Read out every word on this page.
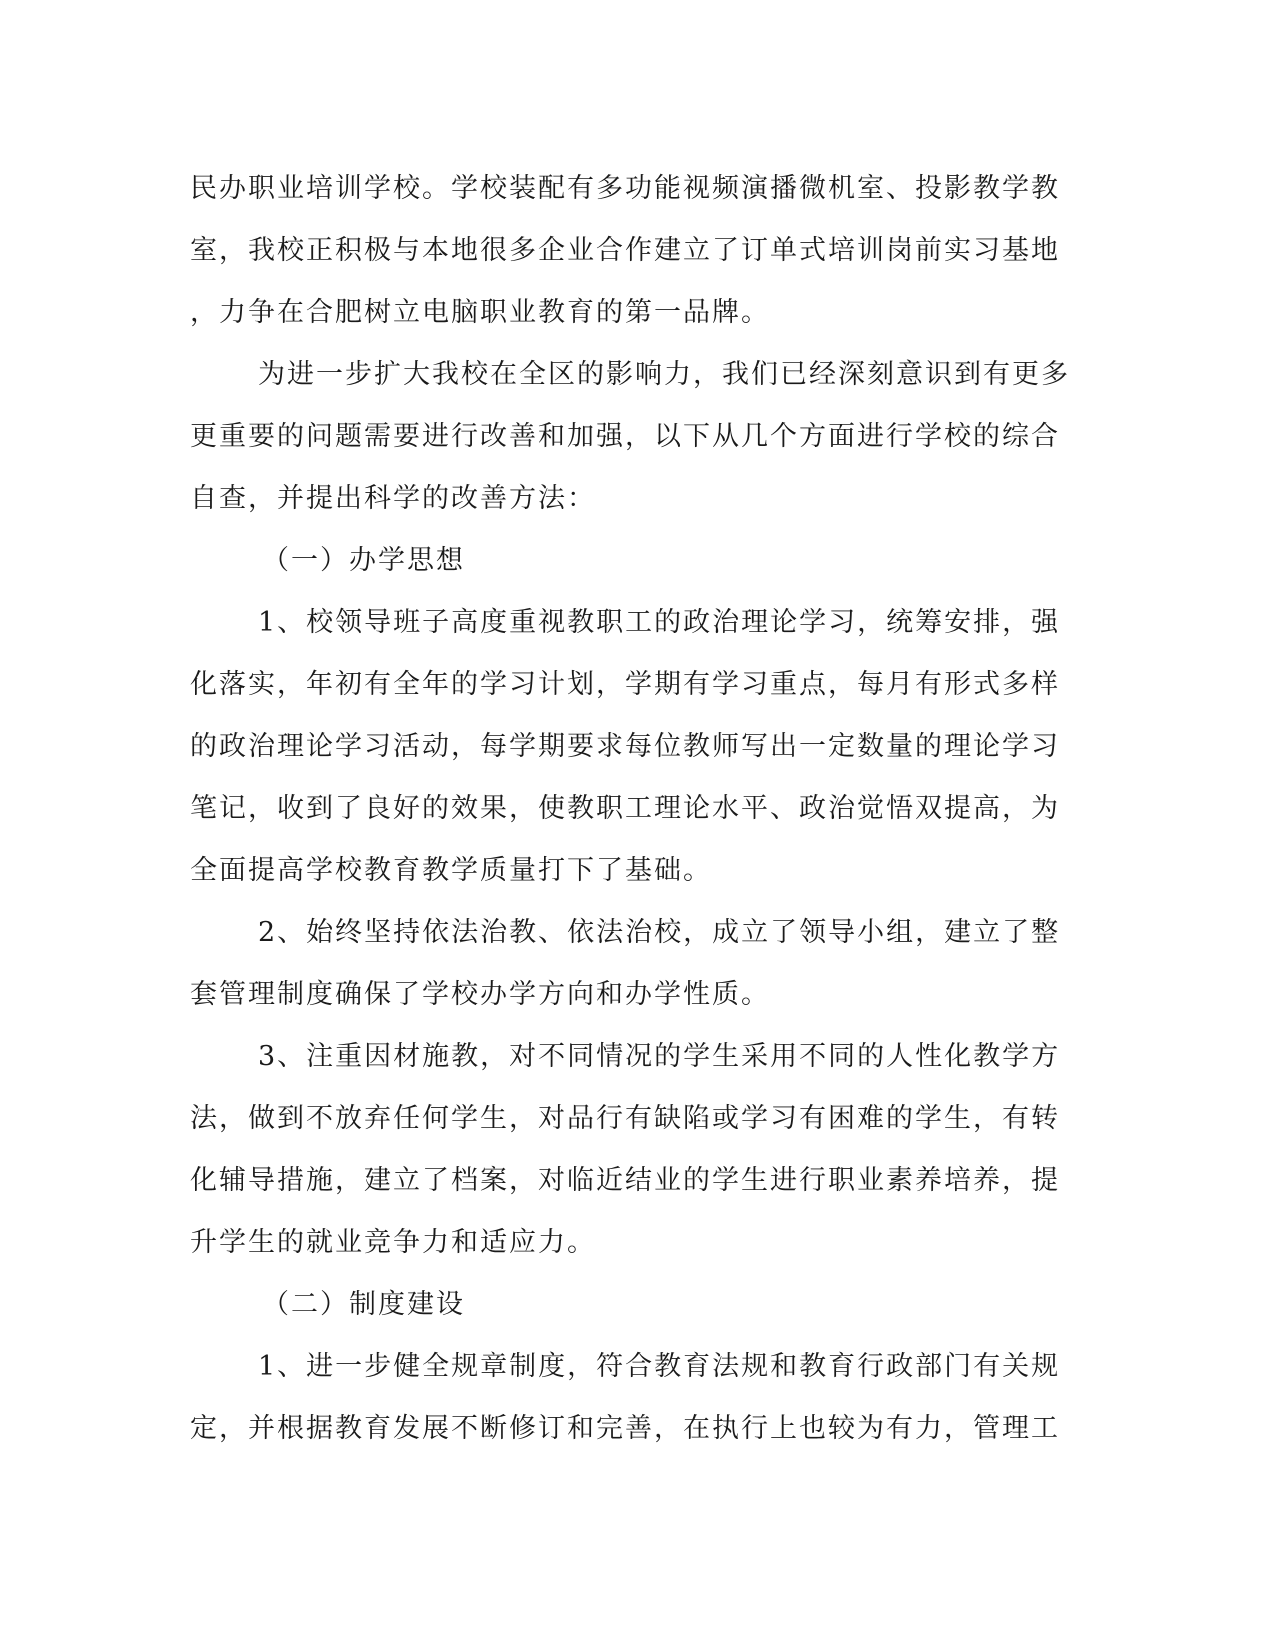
民办职业培训学校。学校装配有多功能视频演播微机室、投影教学教
室，我校正积极与本地很多企业合作建立了订单式培训岗前实习基地
，力争在合肥树立电脑职业教育的第一品牌。

为进一步扩大我校在全区的影响力，我们已经深刻意识到有更多
更重要的问题需要进行改善和加强，以下从几个方面进行学校的综合
自查，并提出科学的改善方法：

（一）办学思想

1、校领导班子高度重视教职工的政治理论学习，统筹安排，强
化落实，年初有全年的学习计划，学期有学习重点，每月有形式多样
的政治理论学习活动，每学期要求每位教师写出一定数量的理论学习
笔记，收到了良好的效果，使教职工理论水平、政治觉悟双提高，为
全面提高学校教育教学质量打下了基础。

2、始终坚持依法治教、依法治校，成立了领导小组，建立了整
套管理制度确保了学校办学方向和办学性质。

3、注重因材施教，对不同情况的学生采用不同的人性化教学方
法，做到不放弃任何学生，对品行有缺陷或学习有困难的学生，有转
化辅导措施，建立了档案，对临近结业的学生进行职业素养培养，提
升学生的就业竞争力和适应力。

（二）制度建设

1、进一步健全规章制度，符合教育法规和教育行政部门有关规
定，并根据教育发展不断修订和完善，在执行上也较为有力，管理工
